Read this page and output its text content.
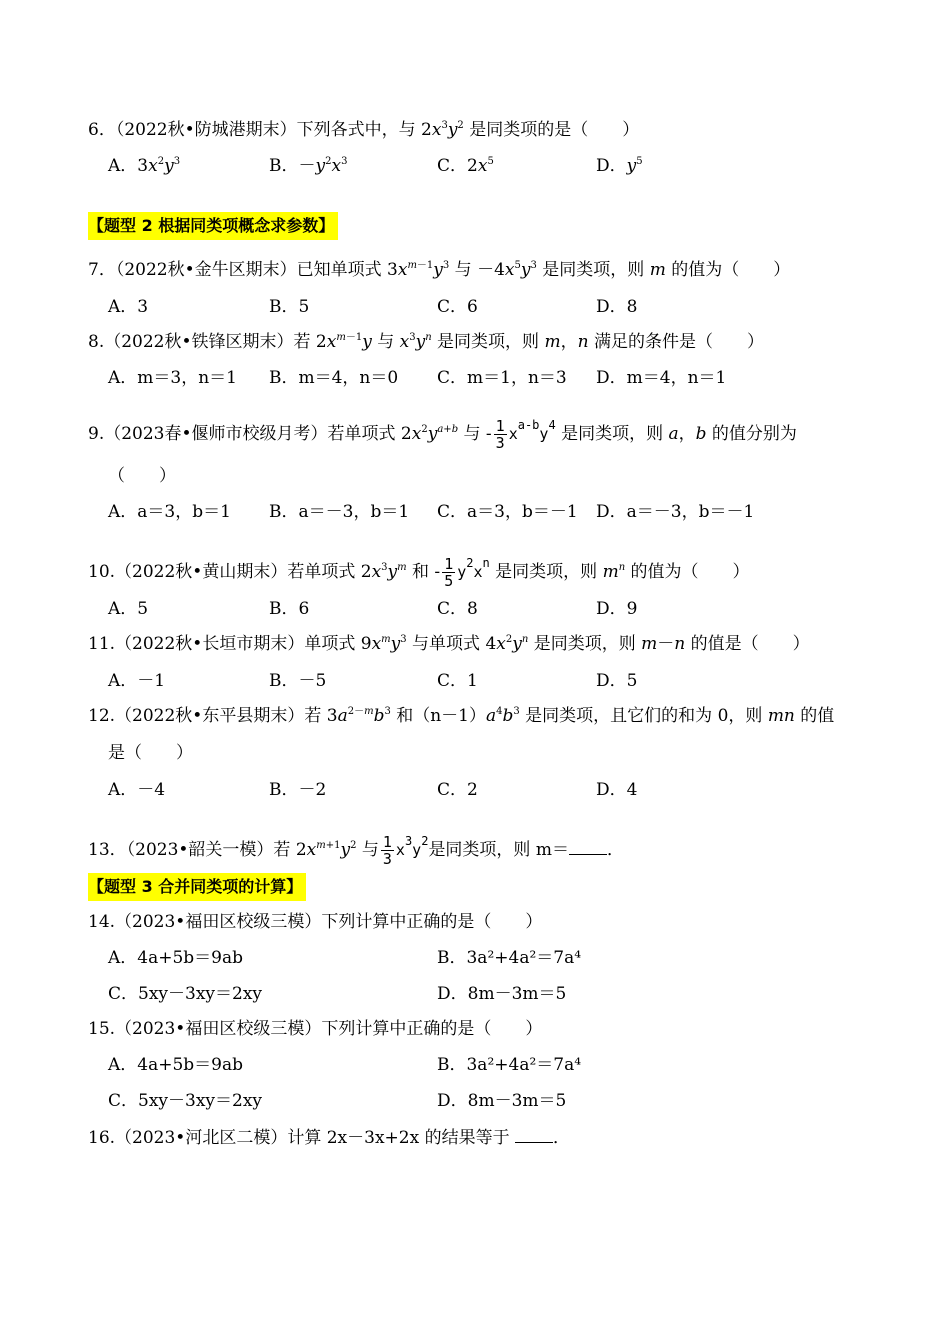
6．（2022秋•防城港期末）下列各式中，与 $2x^3y^2$ 是同类项的是（　　）
A．$3x^2y^3$	B．$-y^2x^3$	C．$2x^5$	D．$y^5$
【题型 2 根据同类项概念求参数】
7．（2022秋•金牛区期末）已知单项式 $3x^{m-1}y^3$ 与 $-4x^5y^3$ 是同类项，则 m 的值为（　　）
A．3	B．5	C．6	D．8
8.（2022秋•铁锋区期末）若 $2x^{m-1}y$ 与 $x^3y^n$ 是同类项，则 m，n 满足的条件是（　　）
A．m＝3，n＝1 B．m＝4，n＝0 C．m＝1，n＝3 D．m＝4，n＝1
9.（2023春•偃师市校级月考）若单项式 $2x^2y^{a+b}$ 与 - $\frac{1}{3} x^{a-b}y^4$ 是同类项，则 a，b 的值分别为
（　　）
A．a＝3，b＝1 B．a＝－3，b＝1 C．a＝3，b＝－1 D．a＝－3，b＝－1
10.（2022秋•黄山期末）若单项式 $2x^3y^m$ 和 - $\frac{1}{5} y^2x^n$ 是同类项，则 $m^n$ 的值为（　　）
A．5	B．6	C．8	D．9
11.（2022秋•长垣市期末）单项式 $9x^my^3$ 与单项式 $4x^2y^n$ 是同类项，则 m－n 的值是（　　）
A．－1	B．－5	C．1	D．5
12.（2022秋•东平县期末）若 $3a^{2-m}b^3$ 和$(n-1)a^4b^3$ 是同类项，且它们的和为 0，则 mn 的值
是（　　）
A．－4	B．－2	C．2	D．4
13．（2023•韶关一模）若 $2x^{m+1}y^2$ 与 $\frac{1}{3} x^3y^2$是同类项，则 m＝ ．
【题型 3 合并同类项的计算】
14.（2023•福田区校级三模）下列计算中正确的是（　　）
A．4a+5b＝9ab	B．3a²+4a²＝7a⁴
C．5xy－3xy＝2xy	D．8m－3m＝5
15.（2023•福田区校级三模）下列计算中正确的是（　　）
A．4a+5b＝9ab	B．3a²+4a²＝7a⁴
C．5xy－3xy＝2xy	D．8m－3m＝5
16.（2023•河北区二模）计算 2x－3x+2x 的结果等于 ．
